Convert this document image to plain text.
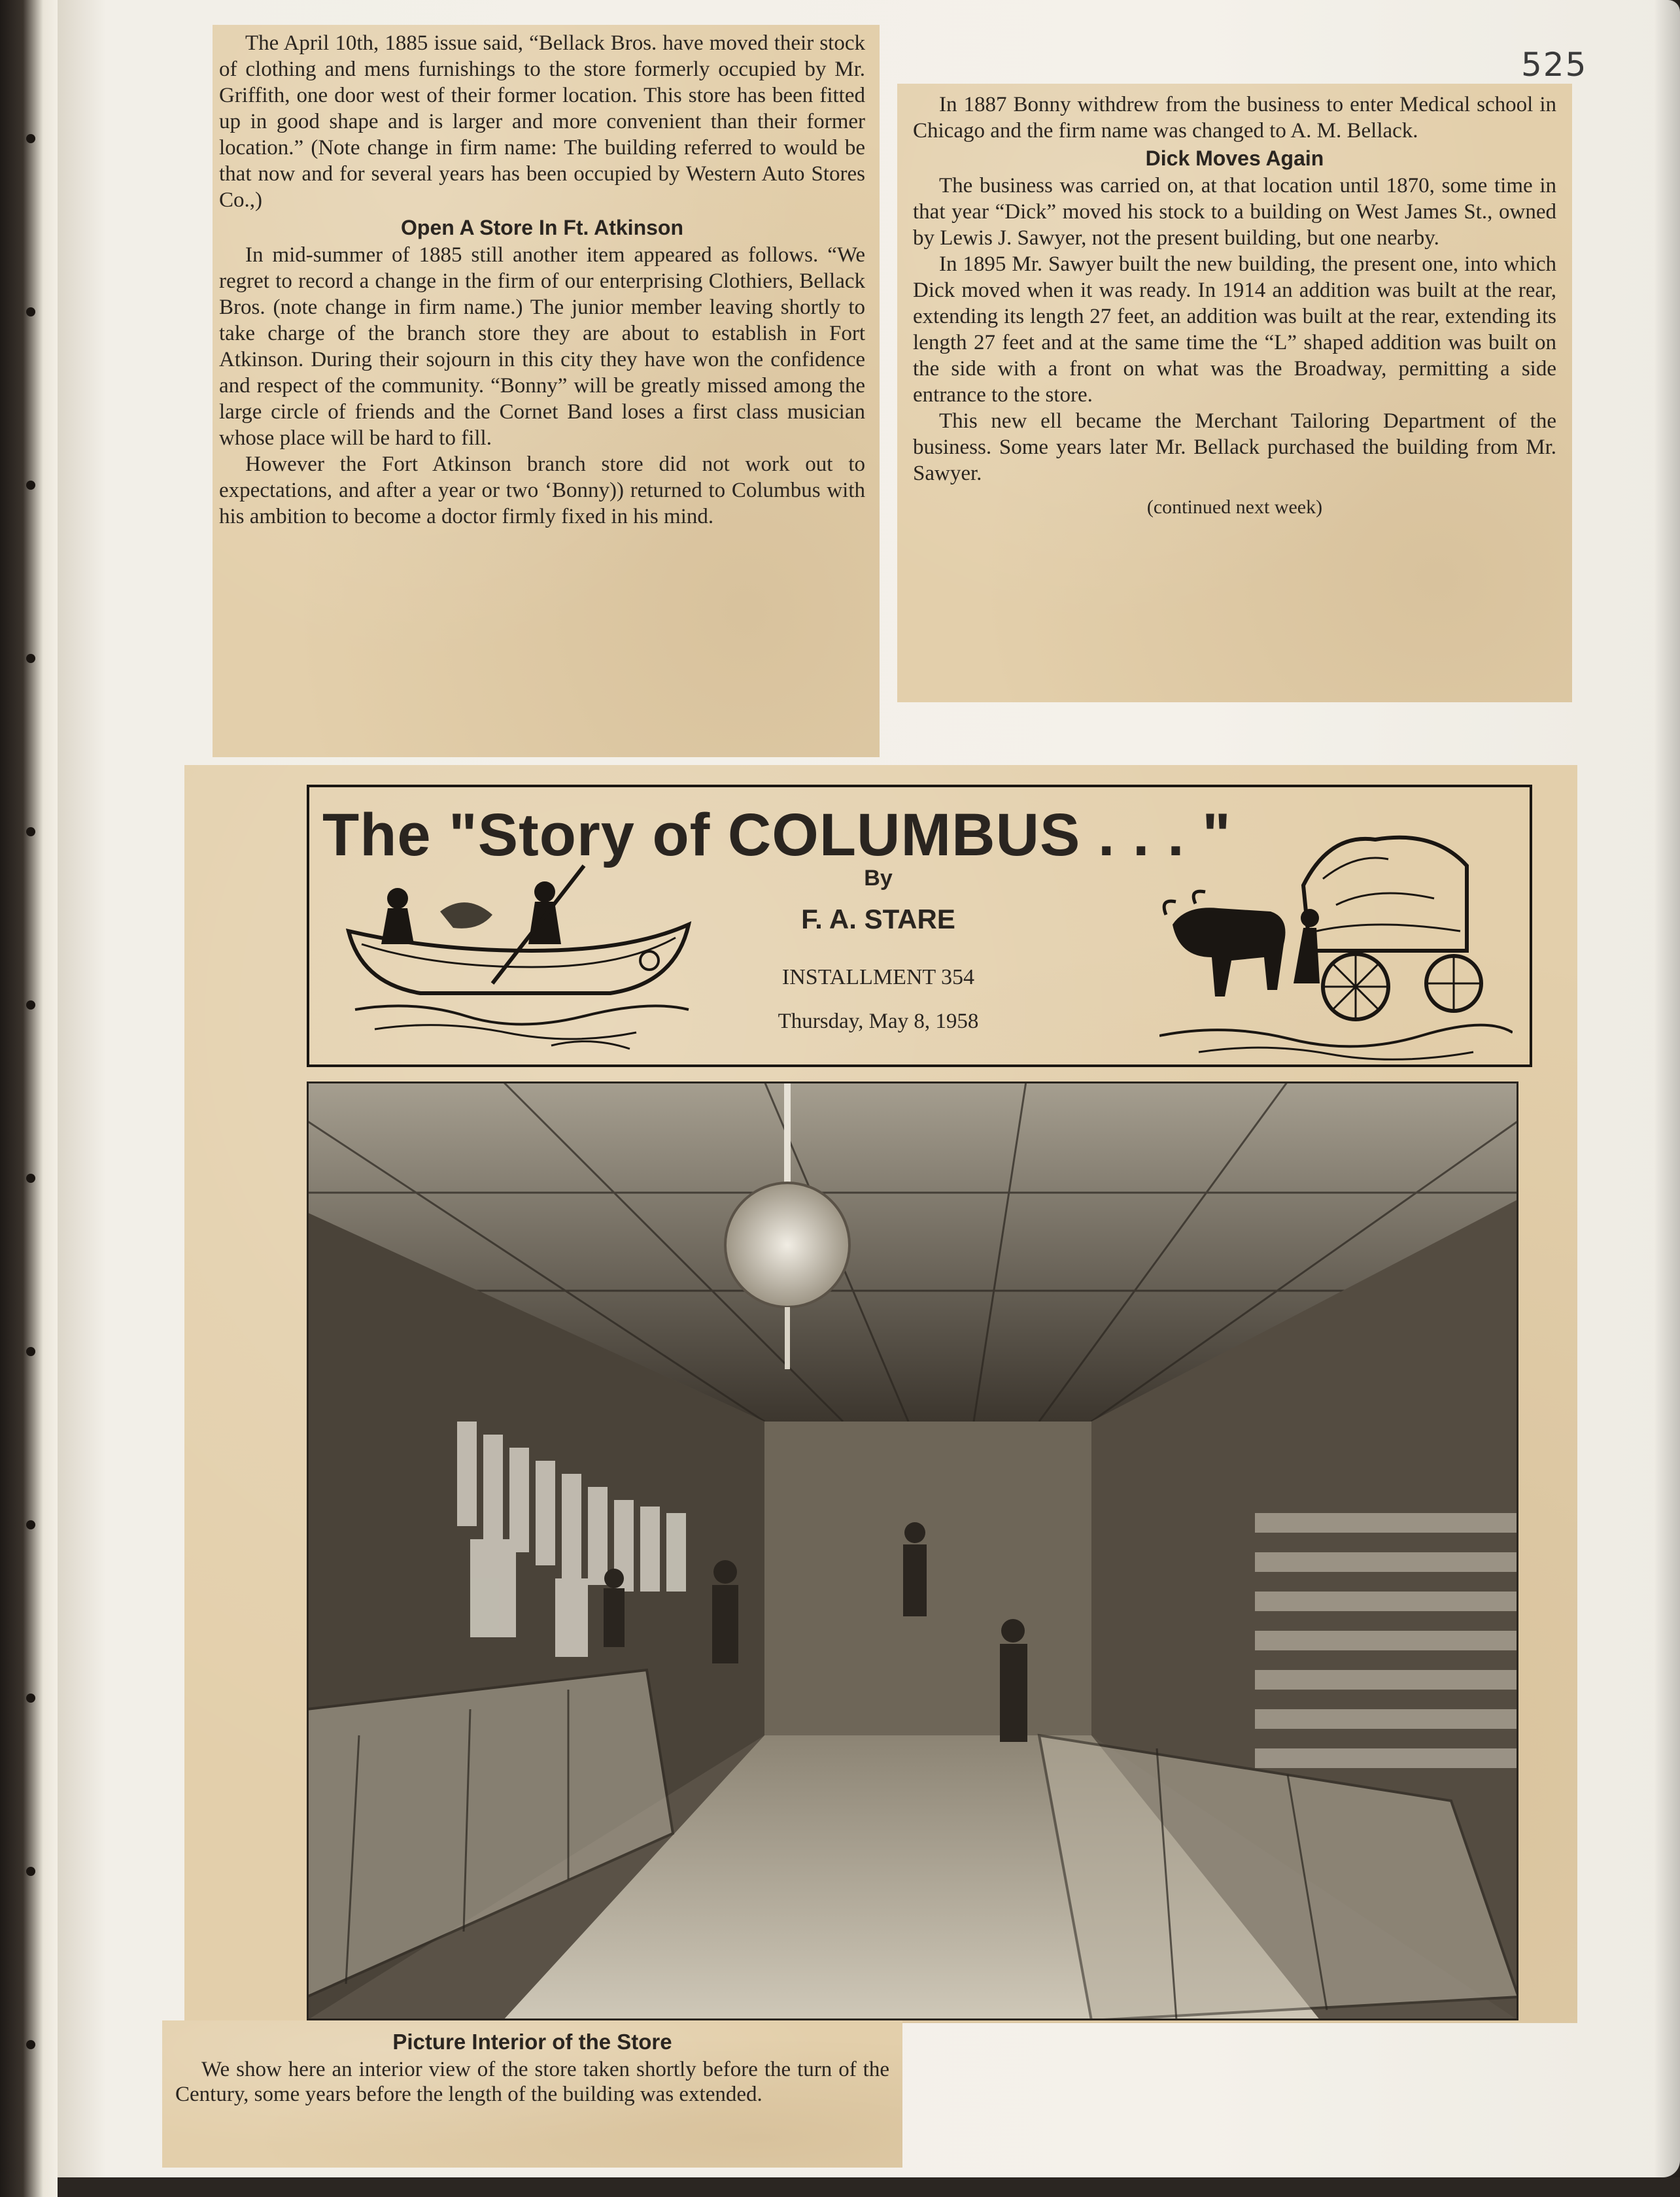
525

The April 10th, 1885 issue said, “Bellack Bros. have moved their stock of clothing and mens furnishings to the store formerly occupied by Mr. Griffith, one door west of their former location. This store has been fitted up in good shape and is larger and more convenient than their former location.” (Note change in firm name: The building referred to would be that now and for several years has been occupied by Western Auto Stores Co.,)

Open A Store In Ft. Atkinson

In mid-summer of 1885 still another item appeared as follows. “We regret to record a change in the firm of our enterprising Clothiers, Bellack Bros. (note change in firm name.) The junior member leaving shortly to take charge of the branch store they are about to establish in Fort Atkinson. During their sojourn in this city they have won the confidence and respect of the community. “Bonny” will be greatly missed among the large circle of friends and the Cornet Band loses a first class musician whose place will be hard to fill.

However the Fort Atkinson branch store did not work out to expectations, and after a year or two ‘Bonny)) returned to Columbus with his ambition to become a doctor firmly fixed in his mind.

In 1887 Bonny withdrew from the business to enter Medical school in Chicago and the firm name was changed to A. M. Bellack.

Dick Moves Again

The business was carried on, at that location until 1870, some time in that year “Dick” moved his stock to a building on West James St., owned by Lewis J. Sawyer, not the present building, but one nearby.

In 1895 Mr. Sawyer built the new building, the present one, into which Dick moved when it was ready. In 1914 an addition was built at the rear, extending its length 27 feet, an addition was built at the rear, extending its length 27 feet and at the same time the “L” shaped addition was built on the side with a front on what was the Broadway, permitting a side entrance to the store.

This new ell became the Merchant Tailoring Department of the business. Some years later Mr. Bellack purchased the building from Mr. Sawyer.

(continued next week)

The "Story of COLUMBUS . . . "
By
F. A. STARE
INSTALLMENT 354
Thursday, May 8, 1958

Picture Interior of the Store

We show here an interior view of the store taken shortly before the turn of the Century, some years before the length of the building was extended.
